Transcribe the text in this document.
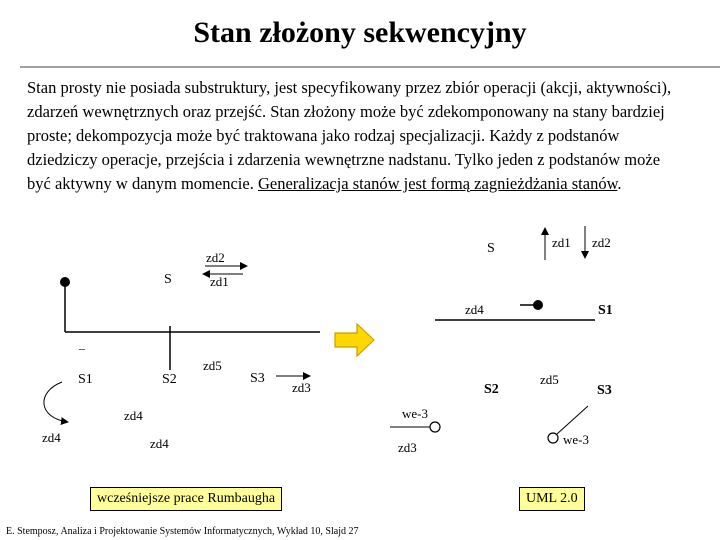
Stan złożony sekwencyjny
Stan prosty nie posiada substruktury, jest specyfikowany przez zbiór operacji (akcji, aktywności), zdarzeń wewnętrznych oraz przejść. Stan złożony może być zdekomponowany na stany bardziej proste; dekompozycja może być traktowana jako rodzaj specjalizacji. Każdy z podstanów dziedziczy operacje, przejścia i zdarzenia wewnętrzne nadstanu. Tylko jeden z podstanów może być aktywny w danym momencie. Generalizacja stanów jest formą zagnieżdżania stanów.
S
zd2
zd1
–
S1	S2
zd5
S3
zd3
zd4
zd4	zd4
S	zd1 zd2
zd4	S1
S2
zd5
S3
we-3
zd3
we-3
wcześniejsze prace Rumbaugha	UML 2.0
E. Stemposz, Analiza i Projektowanie Systemów Informatycznych, Wykład 10, Slajd 27
